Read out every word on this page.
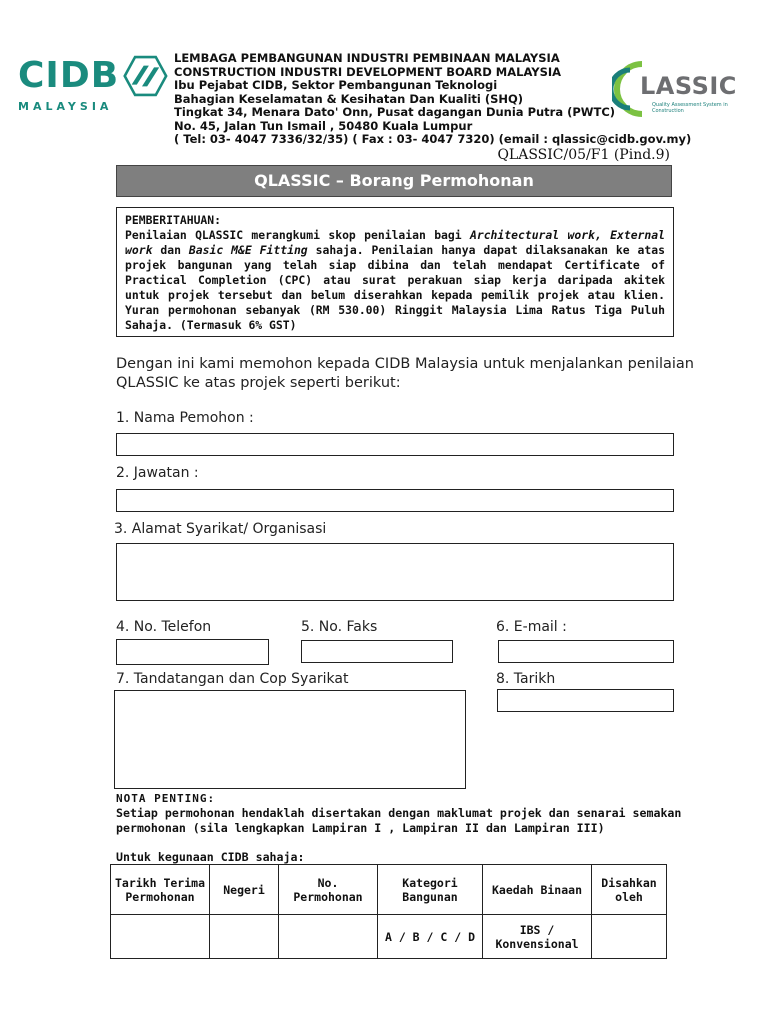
CIDB
MALAYSIA
LEMBAGA PEMBANGUNAN INDUSTRI PEMBINAAN MALAYSIA
CONSTRUCTION INDUSTRI DEVELOPMENT BOARD MALAYSIA
Ibu Pejabat CIDB, Sektor Pembangunan Teknologi
Bahagian Keselamatan & Kesihatan Dan Kualiti (SHQ)
Tingkat 34, Menara Dato' Onn, Pusat dagangan Dunia Putra (PWTC)
No. 45, Jalan Tun Ismail , 50480 Kuala Lumpur
( Tel: 03- 4047 7336/32/35) ( Fax : 03- 4047 7320) (email : qlassic@cidb.gov.my)
LASSIC
Quality Assessment System in Construction
QLASSIC/05/F1 (Pind.9)
QLASSIC – Borang Permohonan
PEMBERITAHUAN:
Penilaian QLASSIC merangkumi skop penilaian bagi Architectural work, External work dan Basic M&E Fitting sahaja. Penilaian hanya dapat dilaksanakan ke atas projek bangunan yang telah siap dibina dan telah mendapat Certificate of Practical Completion (CPC) atau surat perakuan siap kerja daripada akitek untuk projek tersebut dan belum diserahkan kepada pemilik projek atau klien. Yuran permohonan sebanyak (RM 530.00) Ringgit Malaysia Lima Ratus Tiga Puluh Sahaja. (Termasuk 6% GST)
Dengan ini kami memohon kepada CIDB Malaysia untuk menjalankan penilaian QLASSIC ke atas projek seperti berikut:
1. Nama Pemohon :
2. Jawatan :
3. Alamat Syarikat/ Organisasi
4. No. Telefon	5. No. Faks	6. E-mail :
7. Tandatangan dan Cop Syarikat	8. Tarikh
NOTA PENTING:
Setiap permohonan hendaklah disertakan dengan maklumat projek dan senarai semakan permohonan (sila lengkapkan Lampiran I , Lampiran II dan Lampiran III)
Untuk kegunaan CIDB sahaja:
Tarikh Terima Permohonan	Negeri	No. Permohonan	Kategori Bangunan	Kaedah Binaan	Disahkan oleh
			A / B / C / D	IBS / Konvensional	
